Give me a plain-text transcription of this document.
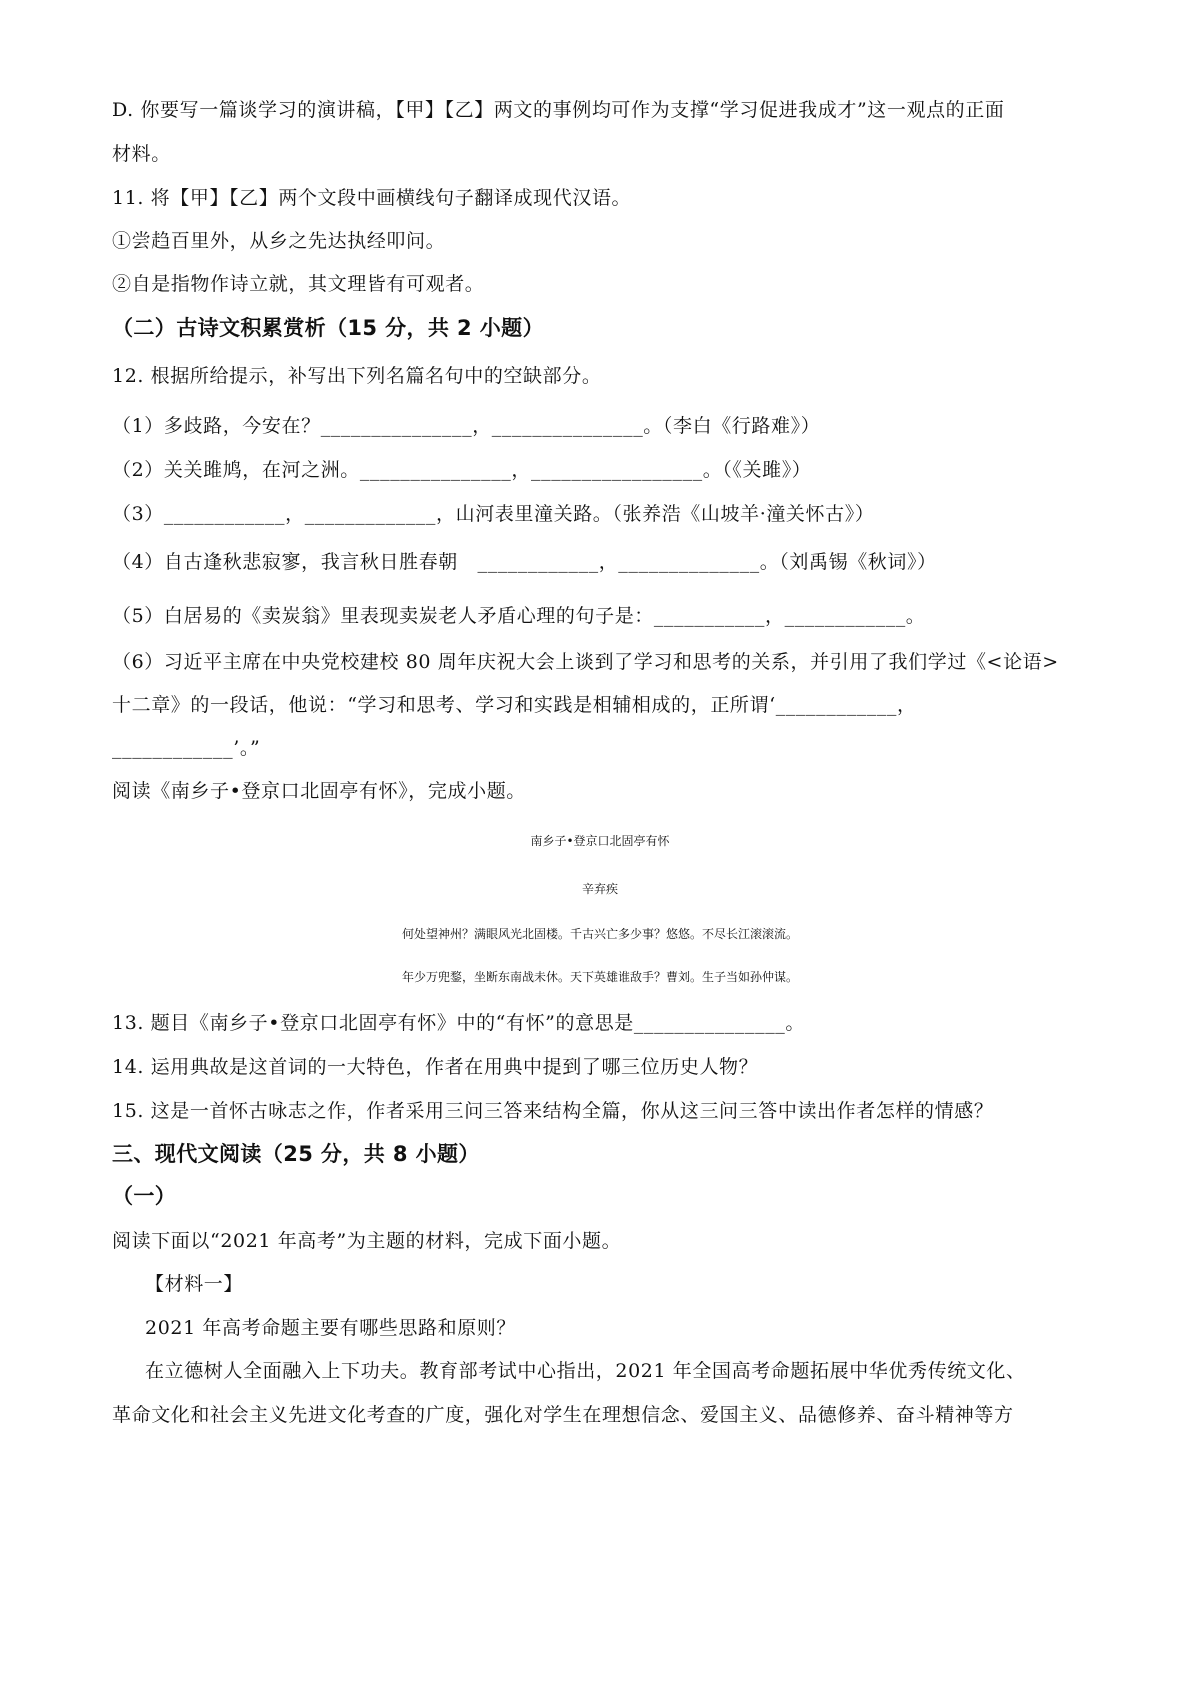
D. 你要写一篇谈学习的演讲稿，【甲】【乙】两文的事例均可作为支撑“学习促进我成才”这一观点的正面
材料。
11. 将【甲】【乙】两个文段中画横线句子翻译成现代汉语。
①尝趋百里外，从乡之先达执经叩问。
②自是指物作诗立就，其文理皆有可观者。
（二）古诗文积累赏析（15 分，共 2 小题）
12. 根据所给提示，补写出下列名篇名句中的空缺部分。
（1）多歧路，今安在？_______________，_______________。（李白《行路难》）
（2）关关雎鸠，在河之洲。_______________，_________________。（《关雎》）
（3）____________，_____________，山河表里潼关路。（张养浩《山坡羊·潼关怀古》）
（4）自古逢秋悲寂寥，我言秋日胜春朝　____________，______________。（刘禹锡《秋词》）
（5）白居易的《卖炭翁》里表现卖炭老人矛盾心理的句子是：___________，____________。
（6）习近平主席在中央党校建校 80 周年庆祝大会上谈到了学习和思考的关系，并引用了我们学过《<论语>
十二章》的一段话，他说：“学习和思考、学习和实践是相辅相成的，正所谓‘____________，
____________’。”
阅读《南乡子•登京口北固亭有怀》，完成小题。
南乡子•登京口北固亭有怀
辛弃疾
何处望神州？满眼风光北固楼。千古兴亡多少事？悠悠。不尽长江滚滚流。
年少万兜鍪，坐断东南战未休。天下英雄谁敌手？曹刘。生子当如孙仲谋。
13. 题目《南乡子•登京口北固亭有怀》中的“有怀”的意思是_______________。
14. 运用典故是这首词的一大特色，作者在用典中提到了哪三位历史人物？
15. 这是一首怀古咏志之作，作者采用三问三答来结构全篇，你从这三问三答中读出作者怎样的情感？
三、现代文阅读（25 分，共 8 小题）
（一）
阅读下面以“2021 年高考”为主题的材料，完成下面小题。
【材料一】
2021 年高考命题主要有哪些思路和原则？
在立德树人全面融入上下功夫。教育部考试中心指出，2021 年全国高考命题拓展中华优秀传统文化、
革命文化和社会主义先进文化考查的广度，强化对学生在理想信念、爱国主义、品德修养、奋斗精神等方
